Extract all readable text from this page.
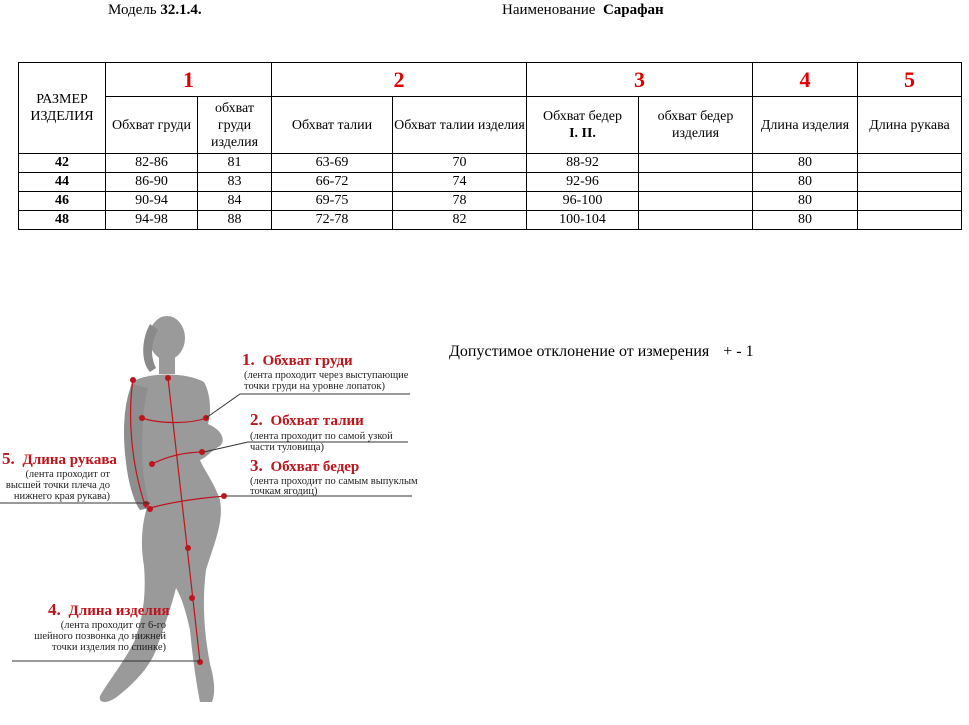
Модель 32.1.4.	Наименование Сарафан
РАЗМЕР ИЗДЕЛИЯ	1		2		3		4	5
	Обхват груди	обхват груди изделия	Обхват талии	Обхват талии изделия	Обхват бедер
I. II.	обхват бедер изделия	Длина изделия	Длина рукава
42	82-86	81	63-69	70	88-92		80	
44	86-90	83	66-72	74	92-96		80	
46	90-94	84	69-75	78	96-100		80	
48	94-98	88	72-78	82	100-104		80	
Допустимое отклонение от измерения + - 1
1. Обхват груди
(лента проходит через выступающие
точки груди на уровне лопаток)
2. Обхват талии
(лента проходит по самой узкой
части туловища)
3. Обхват бедер
(лента проходит по самым выпуклым
точкам ягодиц)
5. Длина рукава
(лента проходит от
высшей точки плеча до
нижнего края рукава)
4. Длина изделия
(лента проходит от 6-го
шейного позвонка до нижней
точки изделия по спинке)
